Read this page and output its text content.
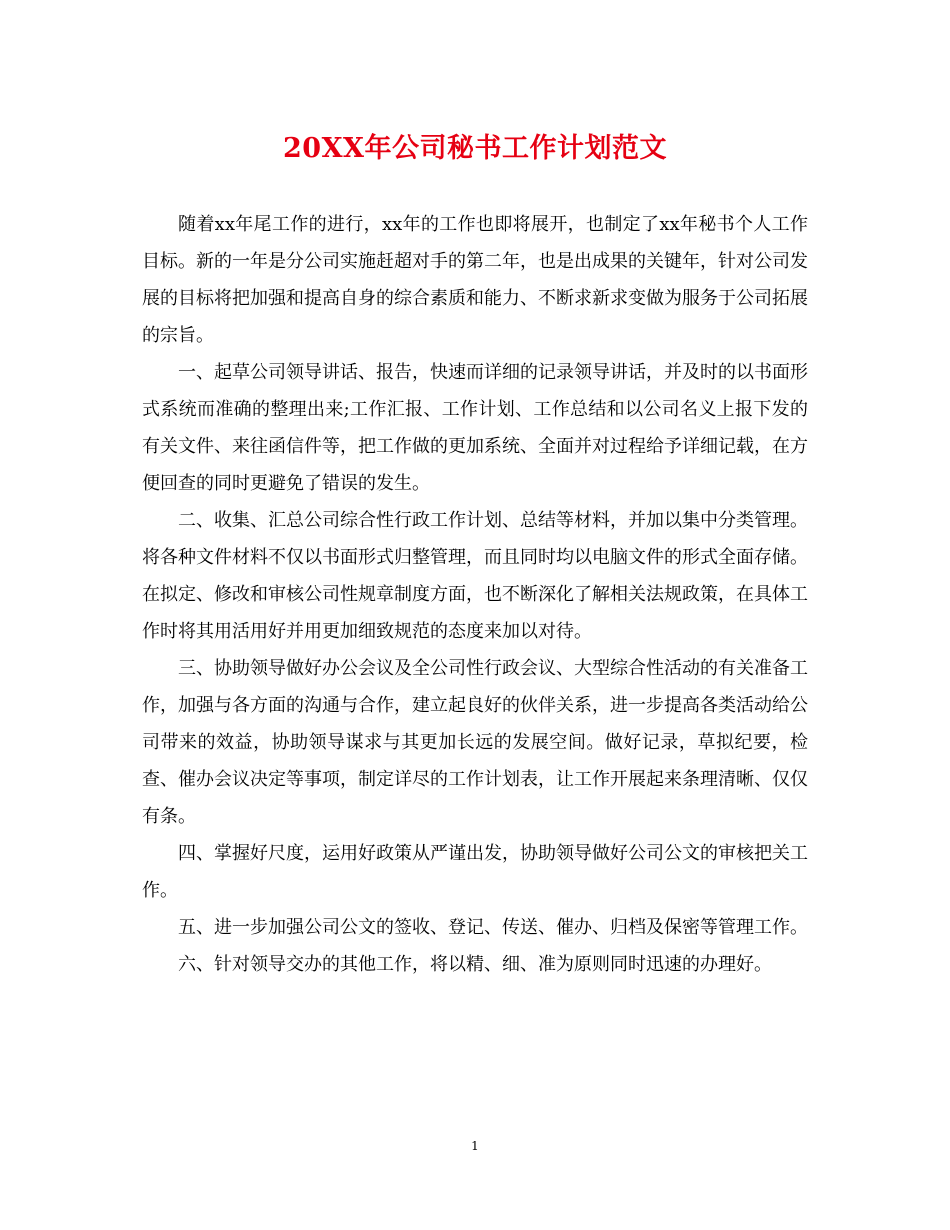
20XX年公司秘书工作计划范文

随着xx年尾工作的进行，xx年的工作也即将展开，也制定了xx年秘书个人工作目标。新的一年是分公司实施赶超对手的第二年，也是出成果的关键年，针对公司发展的目标将把加强和提高自身的综合素质和能力、不断求新求变做为服务于公司拓展的宗旨。

一、起草公司领导讲话、报告，快速而详细的记录领导讲话，并及时的以书面形式系统而准确的整理出来;工作汇报、工作计划、工作总结和以公司名义上报下发的有关文件、来往函信件等，把工作做的更加系统、全面并对过程给予详细记载，在方便回查的同时更避免了错误的发生。

二、收集、汇总公司综合性行政工作计划、总结等材料，并加以集中分类管理。将各种文件材料不仅以书面形式归整管理，而且同时均以电脑文件的形式全面存储。在拟定、修改和审核公司性规章制度方面，也不断深化了解相关法规政策，在具体工作时将其用活用好并用更加细致规范的态度来加以对待。

三、协助领导做好办公会议及全公司性行政会议、大型综合性活动的有关准备工作，加强与各方面的沟通与合作，建立起良好的伙伴关系，进一步提高各类活动给公司带来的效益，协助领导谋求与其更加长远的发展空间。做好记录，草拟纪要，检查、催办会议决定等事项，制定详尽的工作计划表，让工作开展起来条理清晰、仅仅有条。

四、掌握好尺度，运用好政策从严谨出发，协助领导做好公司公文的审核把关工作。

五、进一步加强公司公文的签收、登记、传送、催办、归档及保密等管理工作。

六、针对领导交办的其他工作，将以精、细、准为原则同时迅速的办理好。

1
